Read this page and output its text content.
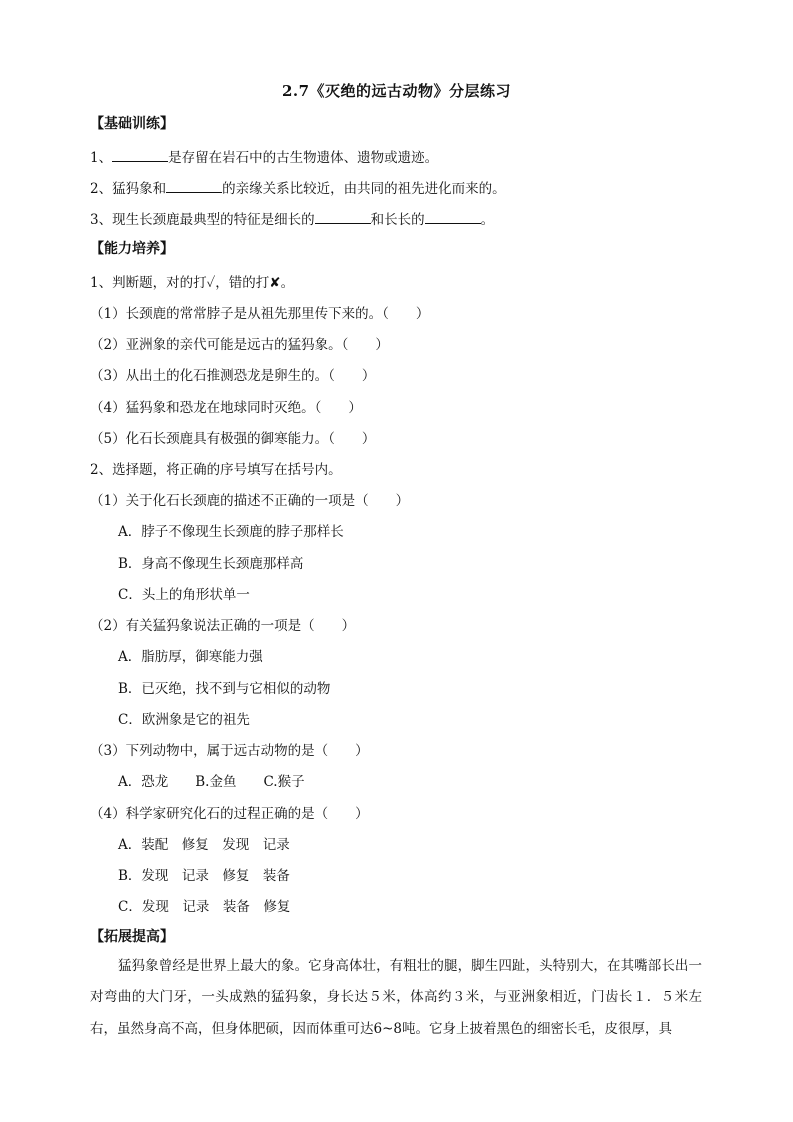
2.7《灭绝的远古动物》分层练习
【基础训练】
1、	是存留在岩石中的古生物遗体、遗物或遗迹。
2、猛犸象和	的亲缘关系比较近，由共同的祖先进化而来的。
3、现生长颈鹿最典型的特征是细长的	和长长的	。
【能力培养】
1、判断题，对的打✓，错的打✘。
（1）长颈鹿的常常脖子是从祖先那里传下来的。（　　）
（2）亚洲象的亲代可能是远古的猛犸象。（　　）
（3）从出土的化石推测恐龙是卵生的。（　　）
（4）猛犸象和恐龙在地球同时灭绝。（　　）
（5）化石长颈鹿具有极强的御寒能力。（　　）
2、选择题，将正确的序号填写在括号内。
（1）关于化石长颈鹿的描述不正确的一项是（　　）
A．脖子不像现生长颈鹿的脖子那样长
B．身高不像现生长颈鹿那样高
C．头上的角形状单一
（2）有关猛犸象说法正确的一项是（　　）
A．脂肪厚，御寒能力强
B．已灭绝，找不到与它相似的动物
C．欧洲象是它的祖先
（3）下列动物中，属于远古动物的是（　　）
A．恐龙　　B.金鱼　　C.猴子
（4）科学家研究化石的过程正确的是（　　）
A．装配　修复　发现　记录
B．发现　记录　修复　装备
C．发现　记录　装备　修复
【拓展提高】
猛犸象曾经是世界上最大的象。它身高体壮，有粗壮的腿，脚生四趾，头特别大，在其嘴部长出一对弯曲的大门牙，一头成熟的猛犸象，身长达５米，体高约３米，与亚洲象相近，门齿长１．５米左右，虽然身高不高，但身体肥硕，因而体重可达6~8吨。它身上披着黑色的细密长毛，皮很厚，具
